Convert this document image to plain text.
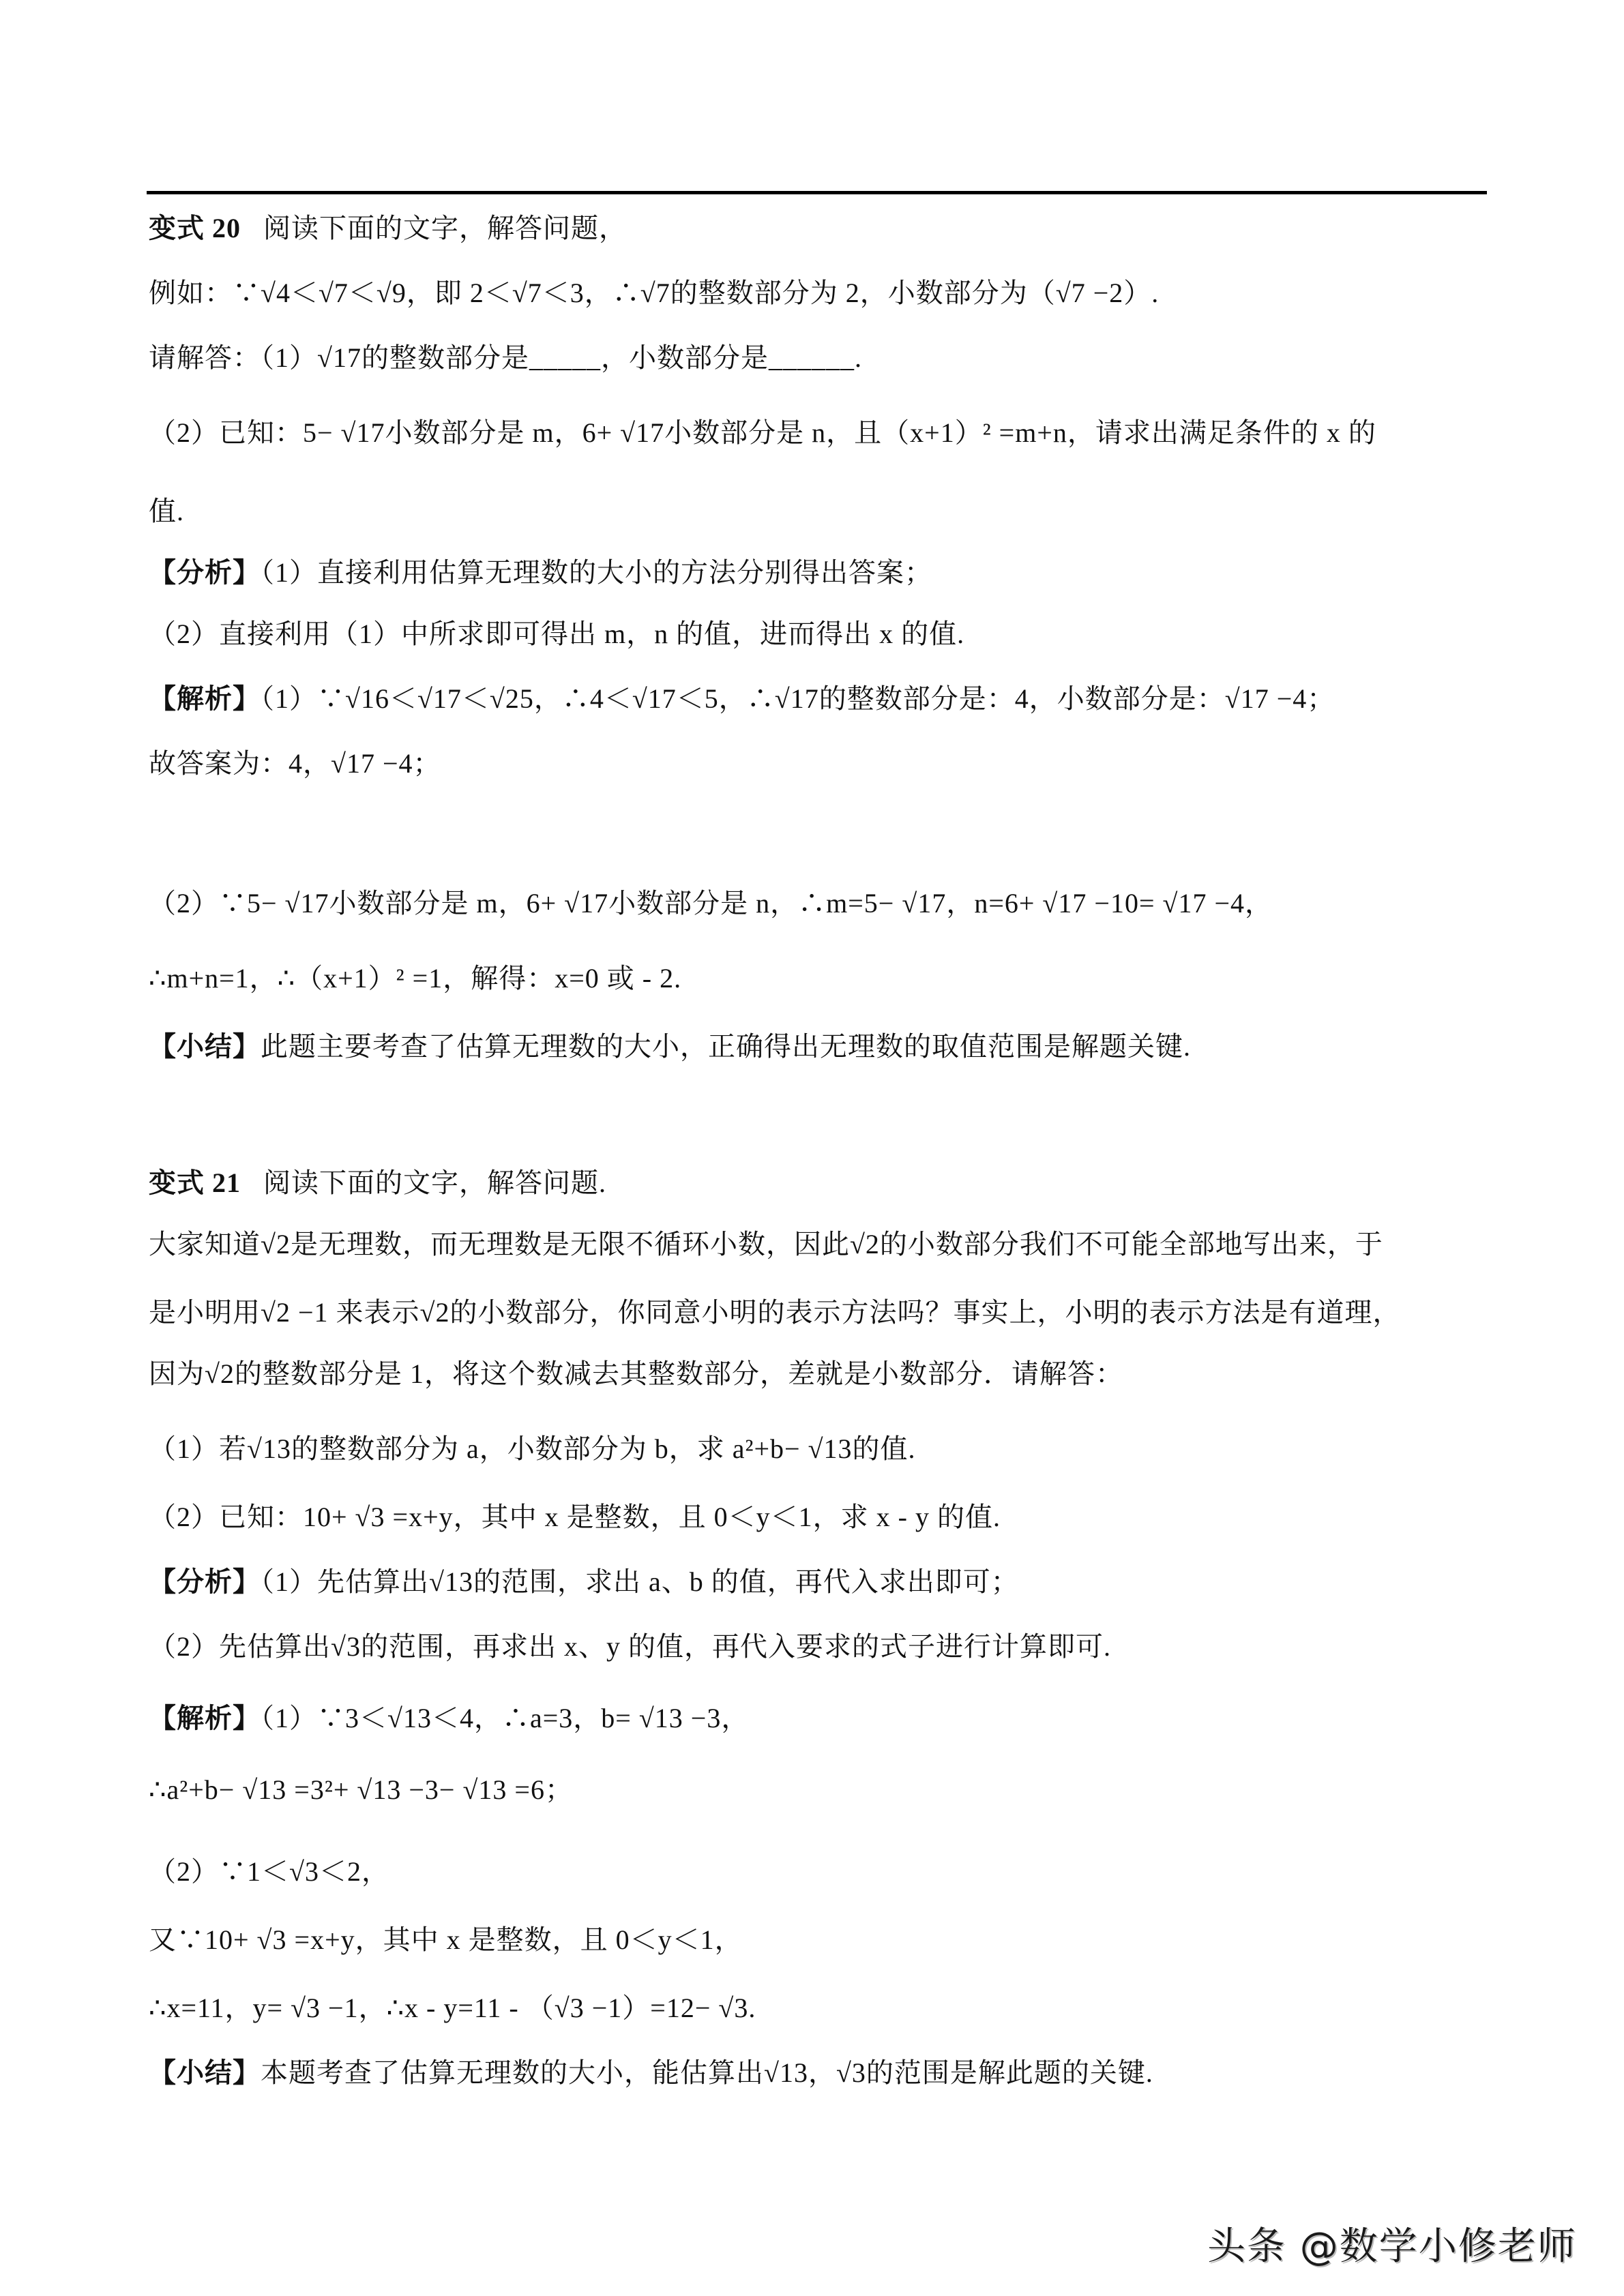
变式 20 阅读下面的文字，解答问题，
例如：∵√4＜√7＜√9，即 2＜√7＜3，∴√7的整数部分为 2，小数部分为（√7 −2）.
请解答：（1）√17的整数部分是_____，小数部分是______.
（2）已知：5− √17小数部分是 m，6+ √17小数部分是 n，且（x+1）² =m+n，请求出满足条件的 x 的
值.
【分析】（1）直接利用估算无理数的大小的方法分别得出答案；
（2）直接利用（1）中所求即可得出 m，n 的值，进而得出 x 的值.
【解析】（1）∵√16＜√17＜√25，∴4＜√17＜5，∴√17的整数部分是：4，小数部分是：√17 −4；
故答案为：4，√17 −4；
（2）∵5− √17小数部分是 m，6+ √17小数部分是 n，∴m=5− √17，n=6+ √17 −10= √17 −4，
∴m+n=1，∴（x+1）² =1，解得：x=0 或 - 2.
【小结】此题主要考查了估算无理数的大小，正确得出无理数的取值范围是解题关键.
变式 21 阅读下面的文字，解答问题.
大家知道√2是无理数，而无理数是无限不循环小数，因此√2的小数部分我们不可能全部地写出来，于
是小明用√2 −1 来表示√2的小数部分，你同意小明的表示方法吗？事实上，小明的表示方法是有道理，
因为√2的整数部分是 1，将这个数减去其整数部分，差就是小数部分．请解答：
（1）若√13的整数部分为 a，小数部分为 b，求 a²+b− √13的值.
（2）已知：10+ √3 =x+y，其中 x 是整数，且 0＜y＜1，求 x - y 的值.
【分析】（1）先估算出√13的范围，求出 a、b 的值，再代入求出即可；
（2）先估算出√3的范围，再求出 x、y 的值，再代入要求的式子进行计算即可.
【解析】（1）∵3＜√13＜4，∴a=3，b= √13 −3，
∴a²+b− √13 =3²+ √13 −3− √13 =6；
（2）∵1＜√3＜2，
又∵10+ √3 =x+y，其中 x 是整数，且 0＜y＜1，
∴x=11，y= √3 −1，∴x - y=11 - （√3 −1）=12− √3.
【小结】本题考查了估算无理数的大小，能估算出√13，√3的范围是解此题的关键.
头条 @数学小修老师
